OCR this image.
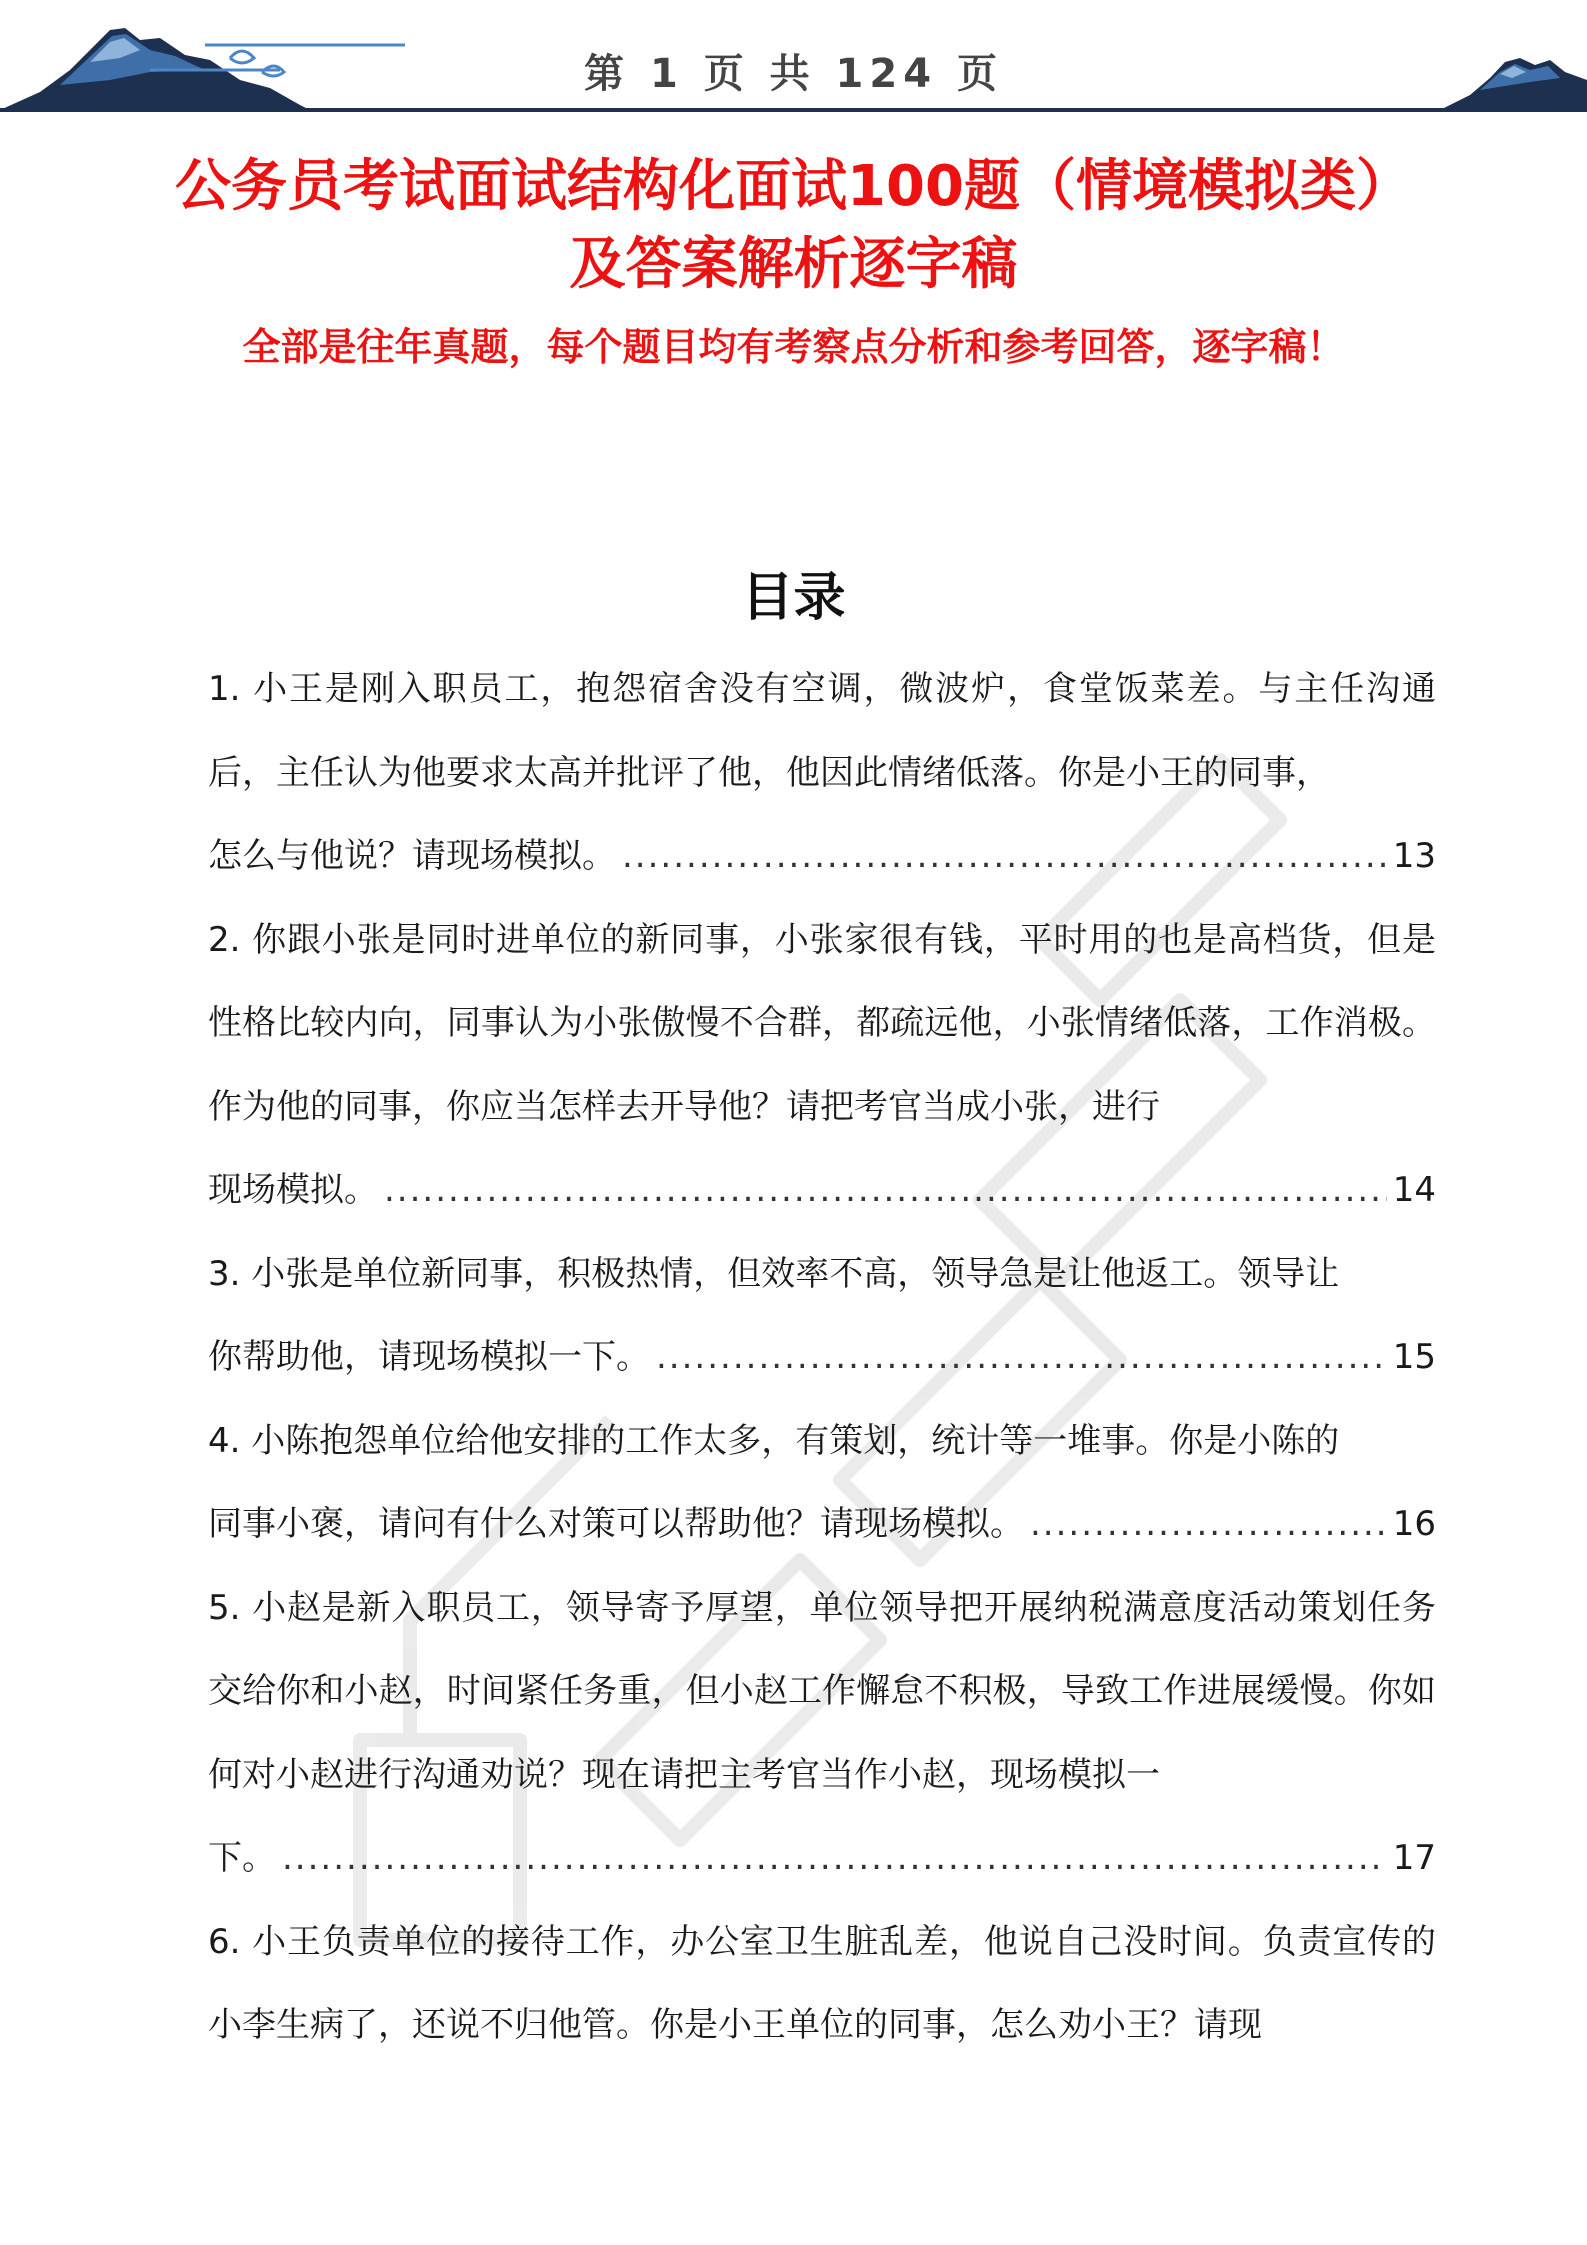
第 1 页 共 124 页
公务员考试面试结构化面试100题（情境模拟类）及答案解析逐字稿

全部是往年真题，每个题目均有考察点分析和参考回答，逐字稿！

目录
1. 小王是刚入职员工，抱怨宿舍没有空调，微波炉，食堂饭菜差。与主任沟通后，主任认为他要求太高并批评了他，他因此情绪低落。你是小王的同事，
怎么与他说？请现场模拟。 .....	13
2. 你跟小张是同时进单位的新同事，小张家很有钱，平时用的也是高档货，但是性格比较内向，同事认为小张傲慢不合群，都疏远他，小张情绪低落，工作消极。作为他的同事，你应当怎样去开导他？请把考官当成小张，进行
现场模拟。 .....	14
3. 小张是单位新同事，积极热情，但效率不高，领导急是让他返工。领导让
你帮助他，请现场模拟一下。 .....	15
4. 小陈抱怨单位给他安排的工作太多，有策划，统计等一堆事。你是小陈的
同事小褒，请问有什么对策可以帮助他？请现场模拟。 .....	16
5. 小赵是新入职员工，领导寄予厚望，单位领导把开展纳税满意度活动策划任务交给你和小赵，时间紧任务重，但小赵工作懈怠不积极，导致工作进展缓慢。你如何对小赵进行沟通劝说？现在请把主考官当作小赵，现场模拟一
下。 .....	17
6. 小王负责单位的接待工作，办公室卫生脏乱差，他说自己没时间。负责宣传的小李生病了，还说不归他管。你是小王单位的同事，怎么劝小王？请现
